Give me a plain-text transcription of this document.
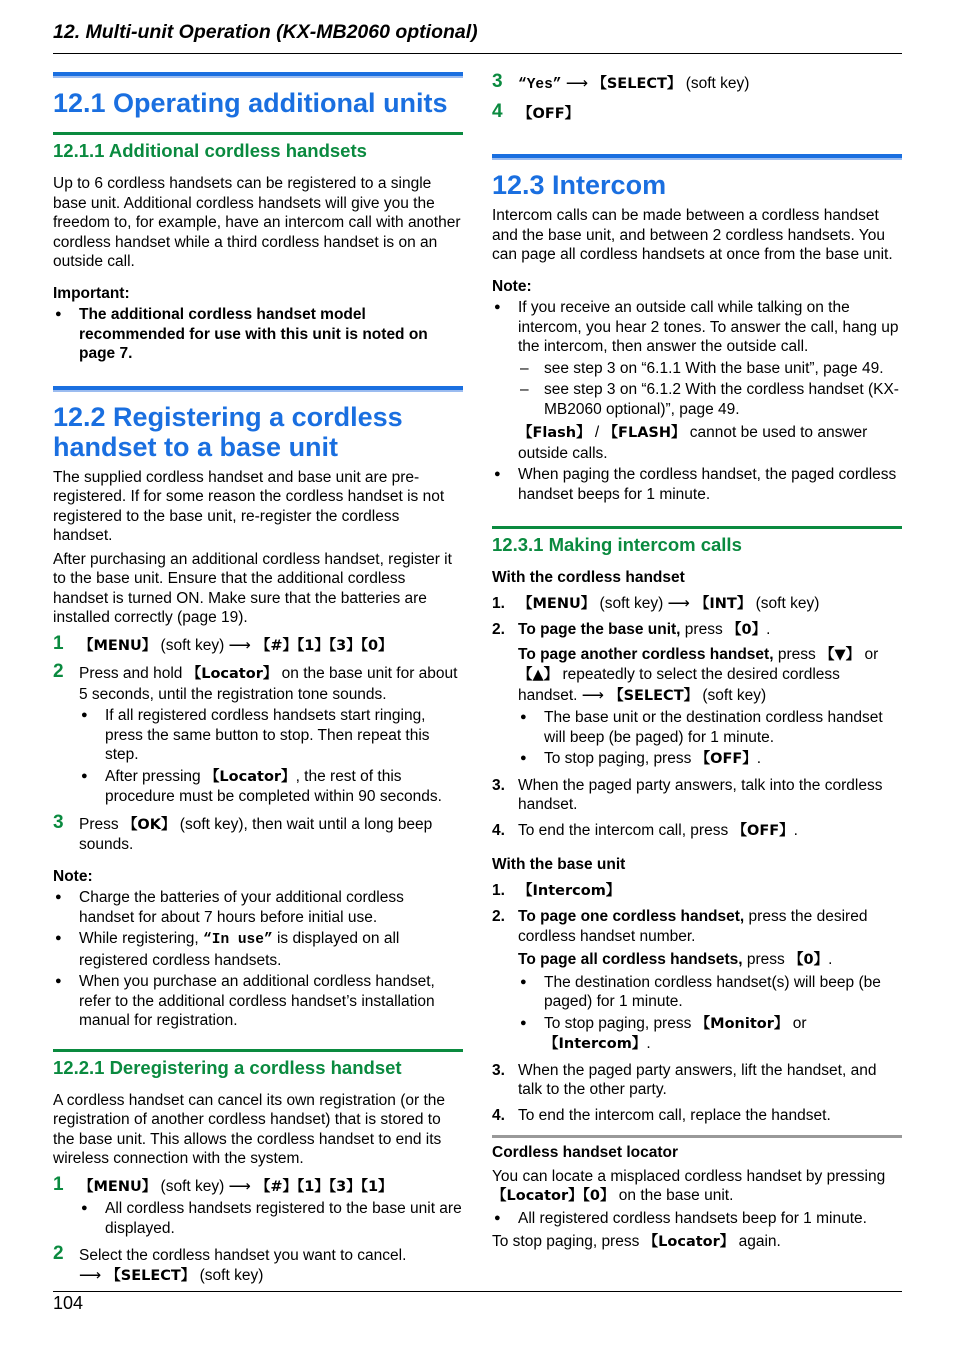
12. Multi-unit Operation (KX-MB2060 optional)
12.1 Operating additional units
12.1.1 Additional cordless handsets

Up to 6 cordless handsets can be registered to a single base unit. Additional cordless handsets will give you the freedom to, for example, have an intercom call with another cordless handset while a third cordless handset is on an outside call.

Important:

● The additional cordless handset model recommended for use with this unit is noted on page 7.
12.2 Registering a cordless handset to a base unit

The supplied cordless handset and base unit are pre-registered. If for some reason the cordless handset is not registered to the base unit, re-register the cordless handset.

After purchasing an additional cordless handset, register it to the base unit. Ensure that the additional cordless handset is turned ON. Make sure that the batteries are installed correctly (page 19).

1 【MENU】 (soft key) ⟶ 【#】【1】【3】【0】
2 Press and hold 【Locator】 on the base unit for about 5 seconds, until the registration tone sounds.
● If all registered cordless handsets start ringing, press the same button to stop. Then repeat this step.
● After pressing 【Locator】, the rest of this procedure must be completed within 90 seconds.
3 Press 【OK】 (soft key), then wait until a long beep sounds.

Note:

● Charge the batteries of your additional cordless handset for about 7 hours before initial use.
● While registering, “In use” is displayed on all registered cordless handsets.
● When you purchase an additional cordless handset, refer to the additional cordless handset’s installation manual for registration.
12.2.1 Deregistering a cordless handset

A cordless handset can cancel its own registration (or the registration of another cordless handset) that is stored to the base unit. This allows the cordless handset to end its wireless connection with the system.

1 【MENU】 (soft key) ⟶ 【#】【1】【3】【1】
● All cordless handsets registered to the base unit are displayed.
2 Select the cordless handset you want to cancel.
⟶ 【SELECT】 (soft key)
3 “Yes” ⟶ 【SELECT】 (soft key)
4 【OFF】
12.3 Intercom

Intercom calls can be made between a cordless handset and the base unit, and between 2 cordless handsets. You can page all cordless handsets at once from the base unit.

Note:

● If you receive an outside call while talking on the intercom, you hear 2 tones. To answer the call, hang up the intercom, then answer the outside call.
– see step 3 on “6.1.1 With the base unit”, page 49.
– see step 3 on “6.1.2 With the cordless handset (KX-MB2060 optional)”, page 49.
【Flash】 / 【FLASH】 cannot be used to answer outside calls.
● When paging the cordless handset, the paged cordless handset beeps for 1 minute.
12.3.1 Making intercom calls

With the cordless handset

1. 【MENU】 (soft key) ⟶ 【INT】 (soft key)
2. To page the base unit, press 【0】.
To page another cordless handset, press 【▼】 or 【▲】 repeatedly to select the desired cordless handset. ⟶ 【SELECT】 (soft key)
● The base unit or the destination cordless handset will beep (be paged) for 1 minute.
● To stop paging, press 【OFF】.
3. When the paged party answers, talk into the cordless handset.
4. To end the intercom call, press 【OFF】.

With the base unit

1. 【Intercom】
2. To page one cordless handset, press the desired cordless handset number.
To page all cordless handsets, press 【0】.
● The destination cordless handset(s) will beep (be paged) for 1 minute.
● To stop paging, press 【Monitor】 or 【Intercom】.
3. When the paged party answers, lift the handset, and talk to the other party.
4. To end the intercom call, replace the handset.

Cordless handset locator

You can locate a misplaced cordless handset by pressing 【Locator】【0】 on the base unit.

● All registered cordless handsets beep for 1 minute.

To stop paging, press 【Locator】 again.

104
